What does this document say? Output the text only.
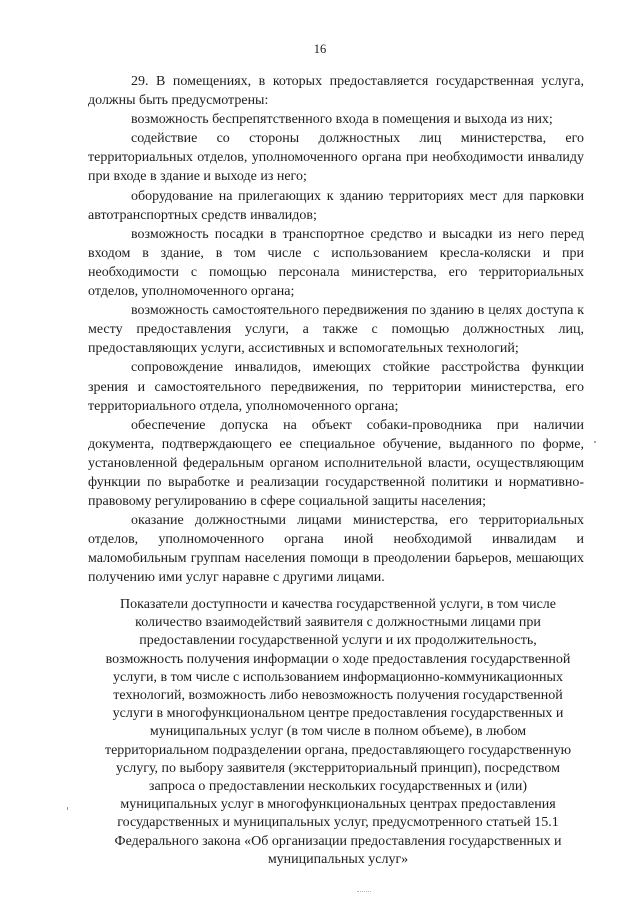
16

29. В помещениях, в которых предоставляется государственная услуга, должны быть предусмотрены:

возможность беспрепятственного входа в помещения и выхода из них;

содействие со стороны должностных лиц министерства, его территориальных отделов, уполномоченного органа при необходимости инвалиду при входе в здание и выходе из него;

оборудование на прилегающих к зданию территориях мест для парковки автотранспортных средств инвалидов;

возможность посадки в транспортное средство и высадки из него перед входом в здание, в том числе с использованием кресла-коляски и при необходимости с помощью персонала министерства, его территориальных отделов, уполномоченного органа;

возможность самостоятельного передвижения по зданию в целях доступа к месту предоставления услуги, а также с помощью должностных лиц, предоставляющих услуги, ассистивных и вспомогательных технологий;

сопровождение инвалидов, имеющих стойкие расстройства функции зрения и самостоятельного передвижения, по территории министерства, его территориального отдела, уполномоченного органа;

обеспечение допуска на объект собаки-проводника при наличии документа, подтверждающего ее специальное обучение, выданного по форме, установленной федеральным органом исполнительной власти, осуществляющим функции по выработке и реализации государственной политики и нормативно-правовому регулированию в сфере социальной защиты населения;

оказание должностными лицами министерства, его территориальных отделов, уполномоченного органа иной необходимой инвалидам и маломобильным группам населения помощи в преодолении барьеров, мешающих получению ими услуг наравне с другими лицами.

Показатели доступности и качества государственной услуги, в том числе количество взаимодействий заявителя с должностными лицами при предоставлении государственной услуги и их продолжительность, возможность получения информации о ходе предоставления государственной услуги, в том числе с использованием информационно-коммуникационных технологий, возможность либо невозможность получения государственной услуги в многофункциональном центре предоставления государственных и муниципальных услуг (в том числе в полном объеме), в любом территориальном подразделении органа, предоставляющего государственную услугу, по выбору заявителя (экстерриториальный принцип), посредством запроса о предоставлении нескольких государственных и (или) муниципальных услуг в многофункциональных центрах предоставления государственных и муниципальных услуг, предусмотренного статьей 15.1 Федерального закона «Об организации предоставления государственных и муниципальных услуг»
